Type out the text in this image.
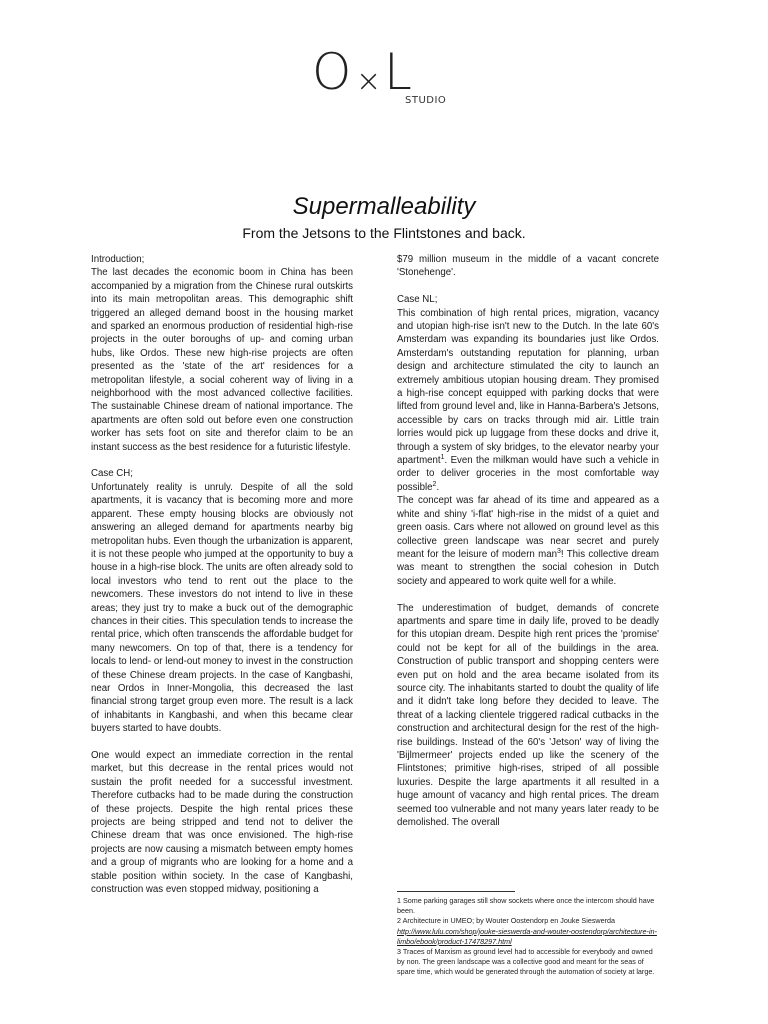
O × L
STUDIO
Supermalleability
From the Jetsons to the Flintstones and back.

Introduction;

The last decades the economic boom in China has been accompanied by a migration from the Chinese rural outskirts into its main metropolitan areas. This demographic shift triggered an alleged demand boost in the housing market and sparked an enormous production of residential high-rise projects in the outer boroughs of up- and coming urban hubs, like Ordos. These new high-rise projects are often presented as the 'state of the art' residences for a metropolitan lifestyle, a social coherent way of living in a neighborhood with the most advanced collective facilities. The sustainable Chinese dream of national importance. The apartments are often sold out before even one construction worker has sets foot on site and therefor claim to be an instant success as the best residence for a futuristic lifestyle.

Case CH;

Unfortunately reality is unruly. Despite of all the sold apartments, it is vacancy that is becoming more and more apparent. These empty housing blocks are obviously not answering an alleged demand for apartments nearby big metropolitan hubs. Even though the urbanization is apparent, it is not these people who jumped at the opportunity to buy a house in a high-rise block. The units are often already sold to local investors who tend to rent out the place to the newcomers. These investors do not intend to live in these areas; they just try to make a buck out of the demographic chances in their cities. This speculation tends to increase the rental price, which often transcends the affordable budget for many newcomers. On top of that, there is a tendency for locals to lend- or lend-out money to invest in the construction of these Chinese dream projects. In the case of Kangbashi, near Ordos in Inner-Mongolia, this decreased the last financial strong target group even more. The result is a lack of inhabitants in Kangbashi, and when this became clear buyers started to have doubts.

One would expect an immediate correction in the rental market, but this decrease in the rental prices would not sustain the profit needed for a successful investment. Therefore cutbacks had to be made during the construction of these projects. Despite the high rental prices these projects are being stripped and tend not to deliver the Chinese dream that was once envisioned. The high-rise projects are now causing a mismatch between empty homes and a group of migrants who are looking for a home and a stable position within society. In the case of Kangbashi, construction was even stopped midway, positioning a

$79 million museum in the middle of a vacant concrete 'Stonehenge'.

Case NL;

This combination of high rental prices, migration, vacancy and utopian high-rise isn't new to the Dutch. In the late 60's Amsterdam was expanding its boundaries just like Ordos. Amsterdam's outstanding reputation for planning, urban design and architecture stimulated the city to launch an extremely ambitious utopian housing dream. They promised a high-rise concept equipped with parking docks that were lifted from ground level and, like in Hanna-Barbera's Jetsons, accessible by cars on tracks through mid air. Little train lorries would pick up luggage from these docks and drive it, through a system of sky bridges, to the elevator nearby your apartment$^1$. Even the milkman would have such a vehicle in order to deliver groceries in the most comfortable way possible$^2$.

The concept was far ahead of its time and appeared as a white and shiny 'i-flat' high-rise in the midst of a quiet and green oasis. Cars where not allowed on ground level as this collective green landscape was near secret and purely meant for the leisure of modern man$^3$! This collective dream was meant to strengthen the social cohesion in Dutch society and appeared to work quite well for a while.

The underestimation of budget, demands of concrete apartments and spare time in daily life, proved to be deadly for this utopian dream. Despite high rent prices the 'promise' could not be kept for all of the buildings in the area. Construction of public transport and shopping centers were even put on hold and the area became isolated from its source city. The inhabitants started to doubt the quality of life and it didn't take long before they decided to leave. The threat of a lacking clientele triggered radical cutbacks in the construction and architectural design for the rest of the high-rise buildings. Instead of the 60's 'Jetson' way of living the 'Bijlmermeer' projects ended up like the scenery of the Flintstones; primitive high-rises, striped of all possible luxuries. Despite the large apartments it all resulted in a huge amount of vacancy and high rental prices. The dream seemed too vulnerable and not many years later ready to be demolished. The overall

1 Some parking garages still show sockets where once the intercom should have been.

2 Architecture in UMEO; by Wouter Oostendorp en Jouke Sieswerda

http://www.lulu.com/shop/jouke-sieswerda-and-wouter-oostendorp/architecture-in-limbo/ebook/product-17478297.html

3 Traces of Marxism as ground level had to accessible for everybody and owned by non. The green landscape was a collective good and meant for the seas of spare time, which would be generated through the automation of society at large.
